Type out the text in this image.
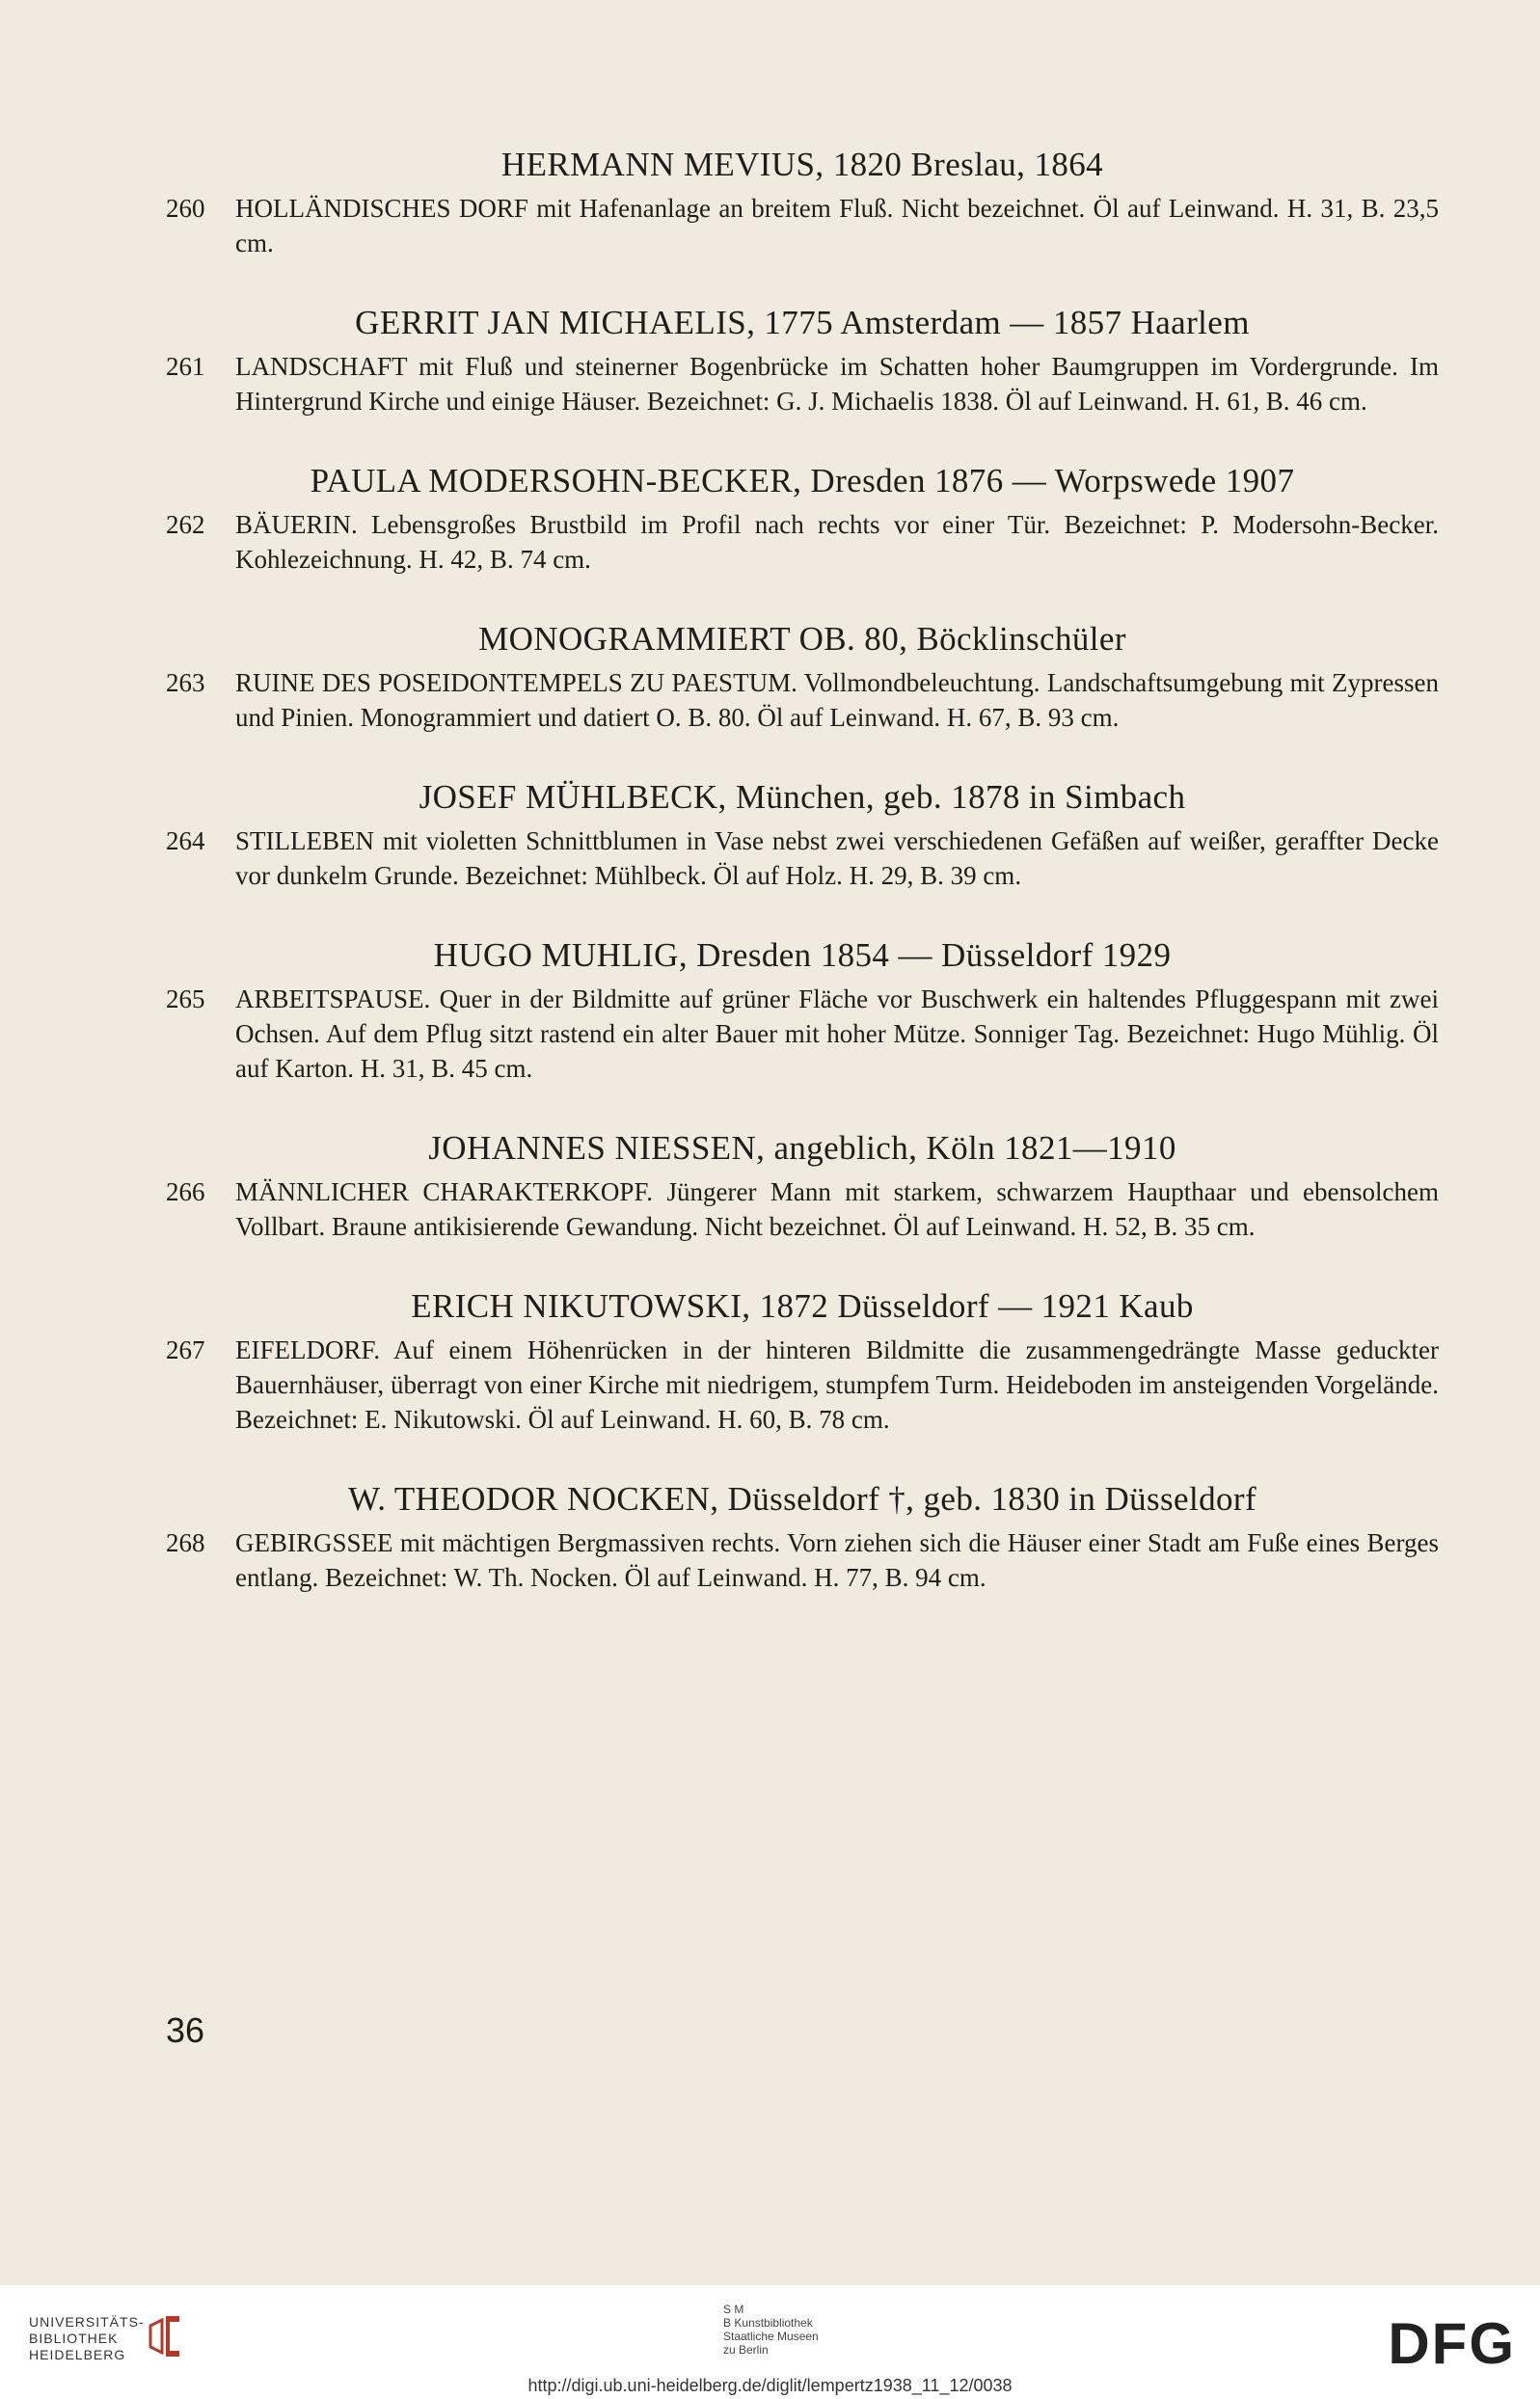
HERMANN MEVIUS, 1820 Breslau, 1864
260 HOLLÄNDISCHES DORF mit Hafenanlage an breitem Fluß. Nicht bezeichnet. Öl auf Leinwand. H. 31, B. 23,5 cm.
GERRIT JAN MICHAELIS, 1775 Amsterdam — 1857 Haarlem
261 LANDSCHAFT mit Fluß und steinerner Bogenbrücke im Schatten hoher Baumgruppen im Vordergrunde. Im Hintergrund Kirche und einige Häuser. Bezeichnet: G. J. Michaelis 1838. Öl auf Leinwand. H. 61, B. 46 cm.
PAULA MODERSOHN-BECKER, Dresden 1876 — Worpswede 1907
262 BÄUERIN. Lebensgroßes Brustbild im Profil nach rechts vor einer Tür. Bezeichnet: P. Modersohn-Becker. Kohlezeichnung. H. 42, B. 74 cm.
MONOGRAMMIERT OB. 80, Böcklinschüler
263 RUINE DES POSEIDONTEMPELS ZU PAESTUM. Vollmondbeleuchtung. Landschaftsumgebung mit Zypressen und Pinien. Monogrammiert und datiert O. B. 80. Öl auf Leinwand. H. 67, B. 93 cm.
JOSEF MÜHLBECK, München, geb. 1878 in Simbach
264 STILLEBEN mit violetten Schnittblumen in Vase nebst zwei verschiedenen Gefäßen auf weißer, geraffter Decke vor dunkelm Grunde. Bezeichnet: Mühlbeck. Öl auf Holz. H. 29, B. 39 cm.
HUGO MUHLIG, Dresden 1854 — Düsseldorf 1929
265 ARBEITSPAUSE. Quer in der Bildmitte auf grüner Fläche vor Buschwerk ein haltendes Pfluggespann mit zwei Ochsen. Auf dem Pflug sitzt rastend ein alter Bauer mit hoher Mütze. Sonniger Tag. Bezeichnet: Hugo Mühlig. Öl auf Karton. H. 31, B. 45 cm.
JOHANNES NIESSEN, angeblich, Köln 1821—1910
266 MÄNNLICHER CHARAKTERKOPF. Jüngerer Mann mit starkem, schwarzem Haupthaar und ebensolchem Vollbart. Braune antikisierende Gewandung. Nicht bezeichnet. Öl auf Leinwand. H. 52, B. 35 cm.
ERICH NIKUTOWSKI, 1872 Düsseldorf — 1921 Kaub
267 EIFELDORF. Auf einem Höhenrücken in der hinteren Bildmitte die zusammengedrängte Masse geduckter Bauernhäuser, überragt von einer Kirche mit niedrigem, stumpfem Turm. Heideboden im ansteigenden Vorgelände. Bezeichnet: E. Nikutowski. Öl auf Leinwand. H. 60, B. 78 cm.
W. THEODOR NOCKEN, Düsseldorf †, geb. 1830 in Düsseldorf
268 GEBIRGSSEE mit mächtigen Bergmassiven rechts. Vorn ziehen sich die Häuser einer Stadt am Fuße eines Berges entlang. Bezeichnet: W. Th. Nocken. Öl auf Leinwand. H. 77, B. 94 cm.
36
UNIVERSITÄTS-
BIBLIOTHEK
HEIDELBERG
S M
B Kunstbibliothek
Staatliche Museen
zu Berlin	DFG
http://digi.ub.uni-heidelberg.de/diglit/lempertz1938_11_12/0038
